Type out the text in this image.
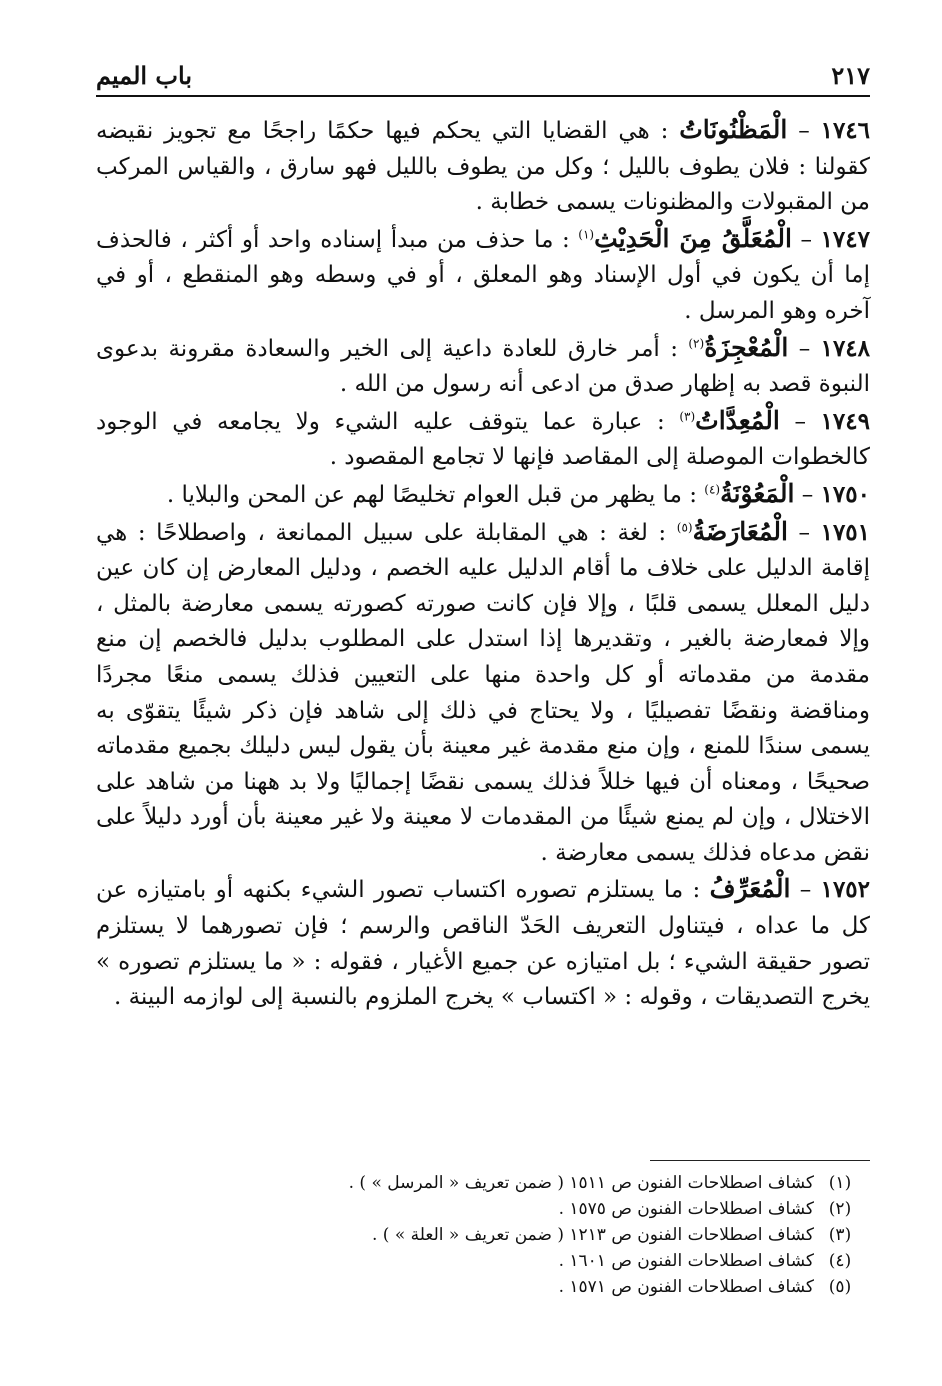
٢١٧
باب الميم

١٧٤٦ – الْمَظْنُونَاتُ : هي القضايا التي يحكم فيها حكمًا راجحًا مع تجويز نقيضه كقولنا : فلان يطوف بالليل ؛ وكل من يطوف بالليل فهو سارق ، والقياس المركب من المقبولات والمظنونات يسمى خطابة .

١٧٤٧ – الْمُعَلَّقُ مِنَ الْحَدِيْثِ$^{(١)}$ : ما حذف من مبدأ إسناده واحد أو أكثر ، فالحذف إما أن يكون في أول الإسناد وهو المعلق ، أو في وسطه وهو المنقطع ، أو في آخره وهو المرسل .

١٧٤٨ – الْمُعْجِزَةُ$^{(٢)}$ : أمر خارق للعادة داعية إلى الخير والسعادة مقرونة بدعوى النبوة قصد به إظهار صدق من ادعى أنه رسول من الله .

١٧٤٩ – الْمُعِدَّاتُ$^{(٣)}$ : عبارة عما يتوقف عليه الشيء ولا يجامعه في الوجود كالخطوات الموصلة إلى المقاصد فإنها لا تجامع المقصود .

١٧٥٠ – الْمَعُوْنَةُ$^{(٤)}$ : ما يظهر من قبل العوام تخليصًا لهم عن المحن والبلايا .

١٧٥١ – الْمُعَارَضَةُ$^{(٥)}$ : لغة : هي المقابلة على سبيل الممانعة ، واصطلاحًا : هي إقامة الدليل على خلاف ما أقام الدليل عليه الخصم ، ودليل المعارض إن كان عين دليل المعلل يسمى قلبًا ، وإلا فإن كانت صورته كصورته يسمى معارضة بالمثل ، وإلا فمعارضة بالغير ، وتقديرها إذا استدل على المطلوب بدليل فالخصم إن منع مقدمة من مقدماته أو كل واحدة منها على التعيين فذلك يسمى منعًا مجردًا ومناقضة ونقضًا تفصيليًا ، ولا يحتاج في ذلك إلى شاهد فإن ذكر شيئًا يتقوّى به يسمى سندًا للمنع ، وإن منع مقدمة غير معينة بأن يقول ليس دليلك بجميع مقدماته صحيحًا ، ومعناه أن فيها خللاً فذلك يسمى نقضًا إجماليًا ولا بد ههنا من شاهد على الاختلال ، وإن لم يمنع شيئًا من المقدمات لا معينة ولا غير معينة بأن أورد دليلاً على نقض مدعاه فذلك يسمى معارضة .

١٧٥٢ – الْمُعَرِّفُ : ما يستلزم تصوره اكتساب تصور الشيء بكنهه أو بامتيازه عن كل ما عداه ، فيتناول التعريف الحَدّ الناقص والرسم ؛ فإن تصورهما لا يستلزم تصور حقيقة الشيء ؛ بل امتيازه عن جميع الأغيار ، فقوله : « ما يستلزم تصوره » يخرج التصديقات ، وقوله : « اكتساب » يخرج الملزوم بالنسبة إلى لوازمه البينة .

(١)
كشاف اصطلاحات الفنون ص ١٥١١ ( ضمن تعريف « المرسل » ) .
(٢)
كشاف اصطلاحات الفنون ص ١٥٧٥ .
(٣)
كشاف اصطلاحات الفنون ص ١٢١٣ ( ضمن تعريف « العلة » ) .
(٤)
كشاف اصطلاحات الفنون ص ١٦٠١ .
(٥)
كشاف اصطلاحات الفنون ص ١٥٧١ .
